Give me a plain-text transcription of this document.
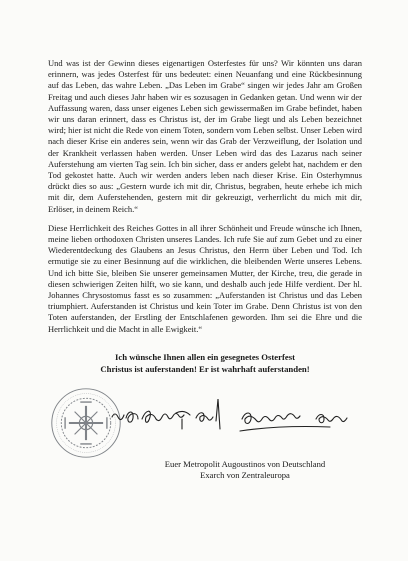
Und was ist der Gewinn dieses eigenartigen Osterfestes für uns? Wir könnten uns daran erinnern, was jedes Osterfest für uns bedeutet: einen Neuanfang und eine Rückbesinnung auf das Leben, das wahre Leben. „Das Leben im Grabe“ singen wir jedes Jahr am Großen Freitag und auch dieses Jahr haben wir es sozusagen in Gedanken getan. Und wenn wir der Auffassung waren, dass unser eigenes Leben sich gewissermaßen im Grabe befindet, haben wir uns daran erinnert, dass es Christus ist, der im Grabe liegt und als Leben bezeichnet wird; hier ist nicht die Rede von einem Toten, sondern vom Leben selbst. Unser Leben wird nach dieser Krise ein anderes sein, wenn wir das Grab der Verzweiflung, der Isolation und der Krankheit verlassen haben werden. Unser Leben wird das des Lazarus nach seiner Auferstehung am vierten Tag sein. Ich bin sicher, dass er anders gelebt hat, nachdem er den Tod gekostet hatte. Auch wir werden anders leben nach dieser Krise. Ein Osterhymnus drückt dies so aus: „Gestern wurde ich mit dir, Christus, begraben, heute erhebe ich mich mit dir, dem Auferstehenden, gestern mit dir gekreuzigt, verherrlicht du mich mit dir, Erlöser, in deinem Reich.“

Diese Herrlichkeit des Reiches Gottes in all ihrer Schönheit und Freude wünsche ich Ihnen, meine lieben orthodoxen Christen unseres Landes. Ich rufe Sie auf zum Gebet und zu einer Wiederentdeckung des Glaubens an Jesus Christus, den Herrn über Leben und Tod. Ich ermutige sie zu einer Besinnung auf die wirklichen, die bleibenden Werte unseres Lebens. Und ich bitte Sie, bleiben Sie unserer gemeinsamen Mutter, der Kirche, treu, die gerade in diesen schwierigen Zeiten hilft, wo sie kann, und deshalb auch jede Hilfe verdient. Der hl. Johannes Chrysostomus fasst es so zusammen: „Auferstanden ist Christus und das Leben triumphiert. Auferstanden ist Christus und kein Toter im Grabe. Denn Christus ist von den Toten auferstanden, der Erstling der Entschlafenen geworden. Ihm sei die Ehre und die Herrlichkeit und die Macht in alle Ewigkeit.“

Ich wünsche Ihnen allen ein gesegnetes Osterfest
Christus ist auferstanden! Er ist wahrhaft auferstanden!
Euer Metropolit Augoustinos von Deutschland
Exarch von Zentraleuropa
